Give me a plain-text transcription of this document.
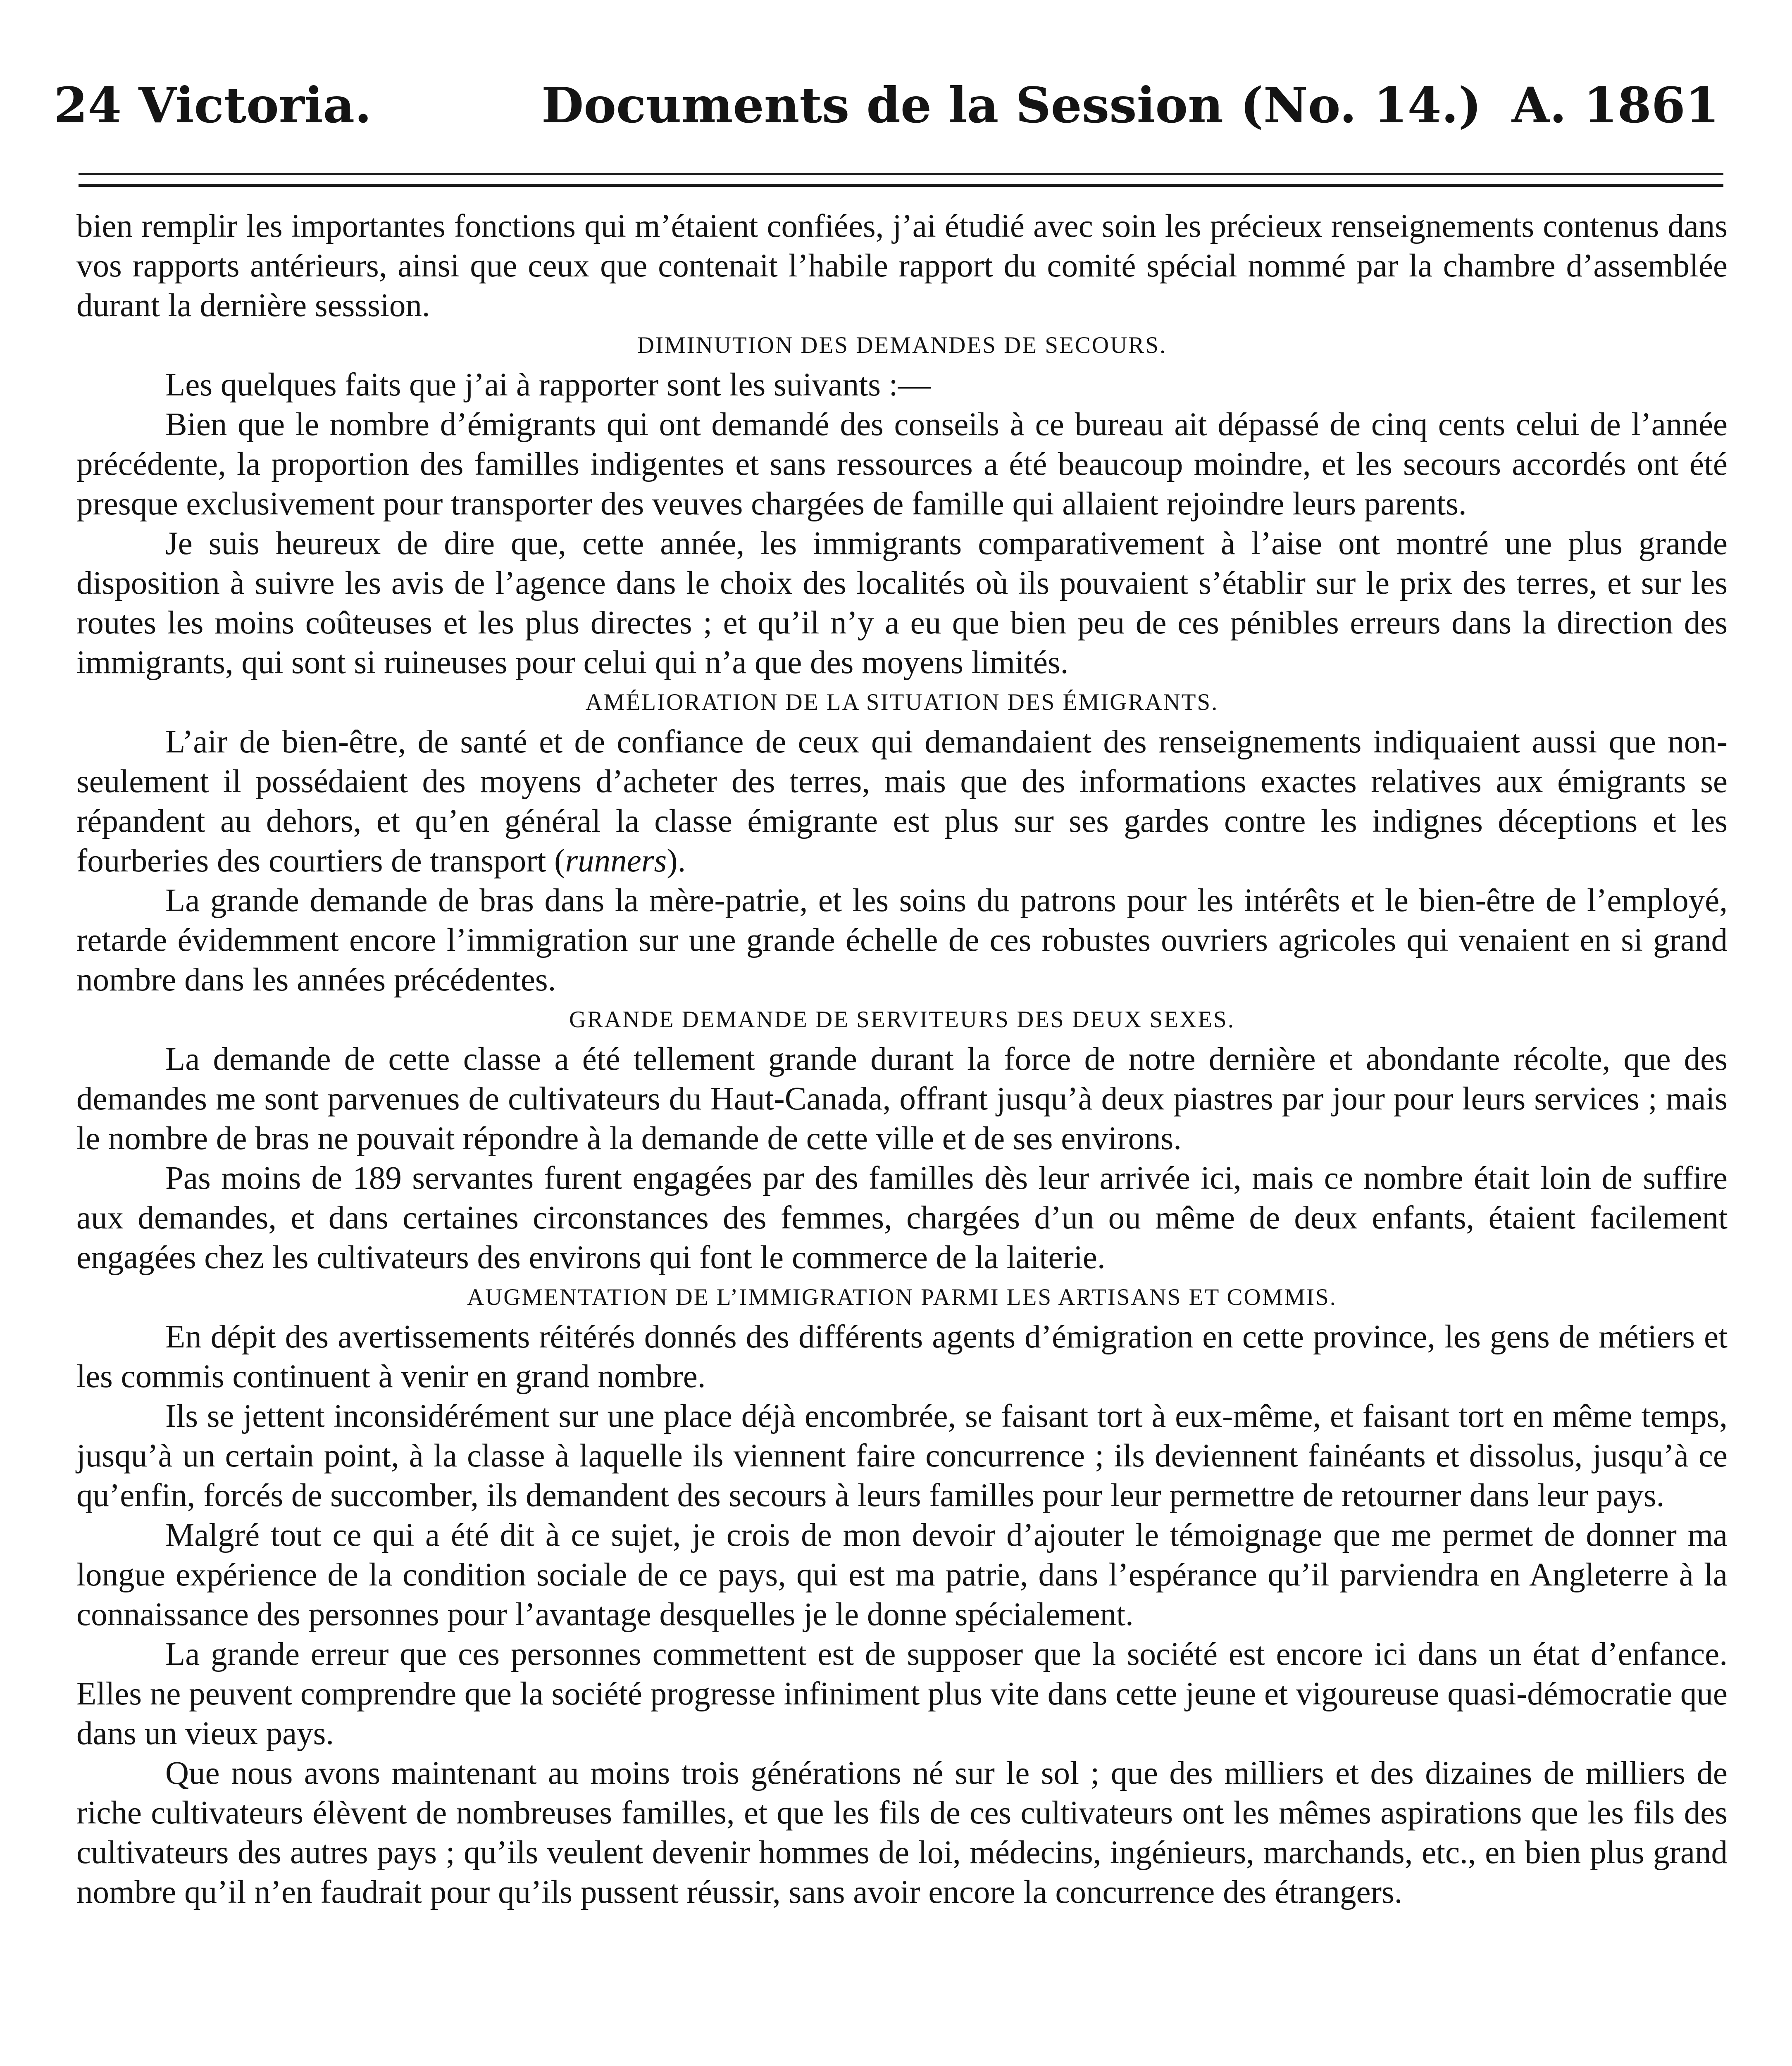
24 Victoria.	Documents de la Session (No. 14.) A. 1861

bien remplir les importantes fonctions qui m’étaient confiées, j’ai étudié avec soin les précieux renseignements contenus dans vos rapports antérieurs, ainsi que ceux que contenait l’habile rapport du comité spécial nommé par la chambre d’assemblée durant la dernière sesssion.

DIMINUTION DES DEMANDES DE SECOURS.

Les quelques faits que j’ai à rapporter sont les suivants :—

Bien que le nombre d’émigrants qui ont demandé des conseils à ce bureau ait dépassé de cinq cents celui de l’année précédente, la proportion des familles indigentes et sans ressources a été beaucoup moindre, et les secours accordés ont été presque exclusivement pour transporter des veuves chargées de famille qui allaient rejoindre leurs parents.

Je suis heureux de dire que, cette année, les immigrants comparativement à l’aise ont montré une plus grande disposition à suivre les avis de l’agence dans le choix des localités où ils pouvaient s’établir sur le prix des terres, et sur les routes les moins coûteuses et les plus directes ; et qu’il n’y a eu que bien peu de ces pénibles erreurs dans la direction des immigrants, qui sont si ruineuses pour celui qui n’a que des moyens limités.

AMÉLIORATION DE LA SITUATION DES ÉMIGRANTS.

L’air de bien-être, de santé et de confiance de ceux qui demandaient des renseignements indiquaient aussi que non-seulement il possédaient des moyens d’acheter des terres, mais que des informations exactes relatives aux émigrants se répandent au dehors, et qu’en général la classe émigrante est plus sur ses gardes contre les indignes déceptions et les fourberies des courtiers de transport (runners).

La grande demande de bras dans la mère-patrie, et les soins du patrons pour les intérêts et le bien-être de l’employé, retarde évidemment encore l’immigration sur une grande échelle de ces robustes ouvriers agricoles qui venaient en si grand nombre dans les années précédentes.

GRANDE DEMANDE DE SERVITEURS DES DEUX SEXES.

La demande de cette classe a été tellement grande durant la force de notre dernière et abondante récolte, que des demandes me sont parvenues de cultivateurs du Haut-Canada, offrant jusqu’à deux piastres par jour pour leurs services ; mais le nombre de bras ne pouvait répondre à la demande de cette ville et de ses environs.

Pas moins de 189 servantes furent engagées par des familles dès leur arrivée ici, mais ce nombre était loin de suffire aux demandes, et dans certaines circonstances des femmes, chargées d’un ou même de deux enfants, étaient facilement engagées chez les cultivateurs des environs qui font le commerce de la laiterie.

AUGMENTATION DE L’IMMIGRATION PARMI LES ARTISANS ET COMMIS.

En dépit des avertissements réitérés donnés des différents agents d’émigration en cette province, les gens de métiers et les commis continuent à venir en grand nombre.

Ils se jettent inconsidérément sur une place déjà encombrée, se faisant tort à eux-même, et faisant tort en même temps, jusqu’à un certain point, à la classe à laquelle ils viennent faire concurrence ; ils deviennent fainéants et dissolus, jusqu’à ce qu’enfin, forcés de succomber, ils demandent des secours à leurs familles pour leur permettre de retourner dans leur pays.

Malgré tout ce qui a été dit à ce sujet, je crois de mon devoir d’ajouter le témoignage que me permet de donner ma longue expérience de la condition sociale de ce pays, qui est ma patrie, dans l’espérance qu’il parviendra en Angleterre à la connaissance des personnes pour l’avantage desquelles je le donne spécialement.

La grande erreur que ces personnes commettent est de supposer que la société est encore ici dans un état d’enfance. Elles ne peuvent comprendre que la société progresse infiniment plus vite dans cette jeune et vigoureuse quasi-démocratie que dans un vieux pays.

Que nous avons maintenant au moins trois générations né sur le sol ; que des milliers et des dizaines de milliers de riche cultivateurs élèvent de nombreuses familles, et que les fils de ces cultivateurs ont les mêmes aspirations que les fils des cultivateurs des autres pays ; qu’ils veulent devenir hommes de loi, médecins, ingénieurs, marchands, etc., en bien plus grand nombre qu’il n’en faudrait pour qu’ils pussent réussir, sans avoir encore la concurrence des étrangers.
